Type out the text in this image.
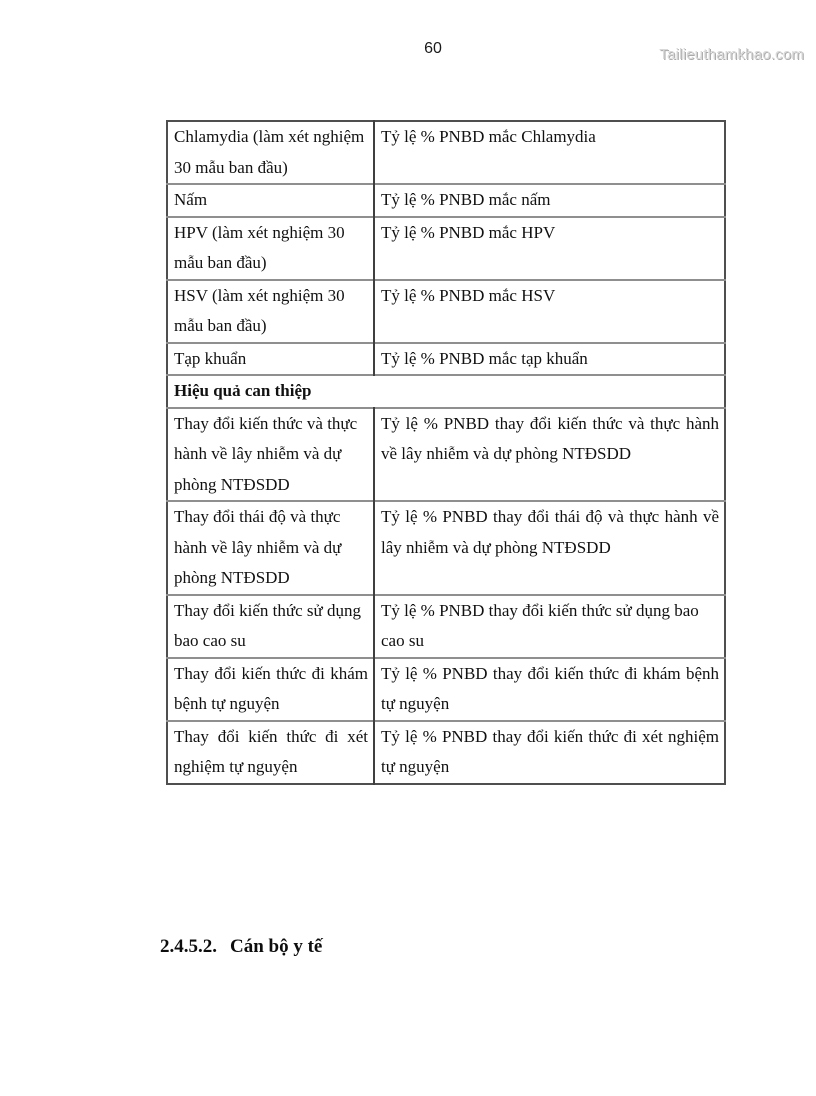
Tailieuthamkhao.com
60
Chlamydia (làm xét nghiệm 30 mẫu ban đầu)	Tỷ lệ % PNBD mắc Chlamydia
Nấm	Tỷ lệ % PNBD mắc nấm
HPV (làm xét nghiệm 30 mẫu ban đầu)	Tỷ lệ % PNBD mắc HPV
HSV (làm xét nghiệm 30 mẫu ban đầu)	Tỷ lệ % PNBD mắc HSV
Tạp khuẩn	Tỷ lệ % PNBD mắc tạp khuẩn
Hiệu quả can thiệp	
Thay đổi kiến thức và thực hành về lây nhiễm và dự phòng NTĐSDD	Tỷ lệ % PNBD thay đổi kiến thức và thực hành về lây nhiễm và dự phòng NTĐSDD
Thay đổi thái độ và thực hành về lây nhiễm và dự phòng NTĐSDD	Tỷ lệ % PNBD thay đổi thái độ và thực hành về lây nhiễm và dự phòng NTĐSDD
Thay đổi kiến thức sử dụng bao cao su	Tỷ lệ % PNBD thay đổi kiến thức sử dụng bao cao su
Thay đổi kiến thức đi khám bệnh tự nguyện	Tỷ lệ % PNBD thay đổi kiến thức đi khám bệnh tự nguyện
Thay đổi kiến thức đi xét nghiệm tự nguyện	Tỷ lệ % PNBD thay đổi kiến thức đi xét nghiệm tự nguyện
2.4.5.2. Cán bộ y tế
